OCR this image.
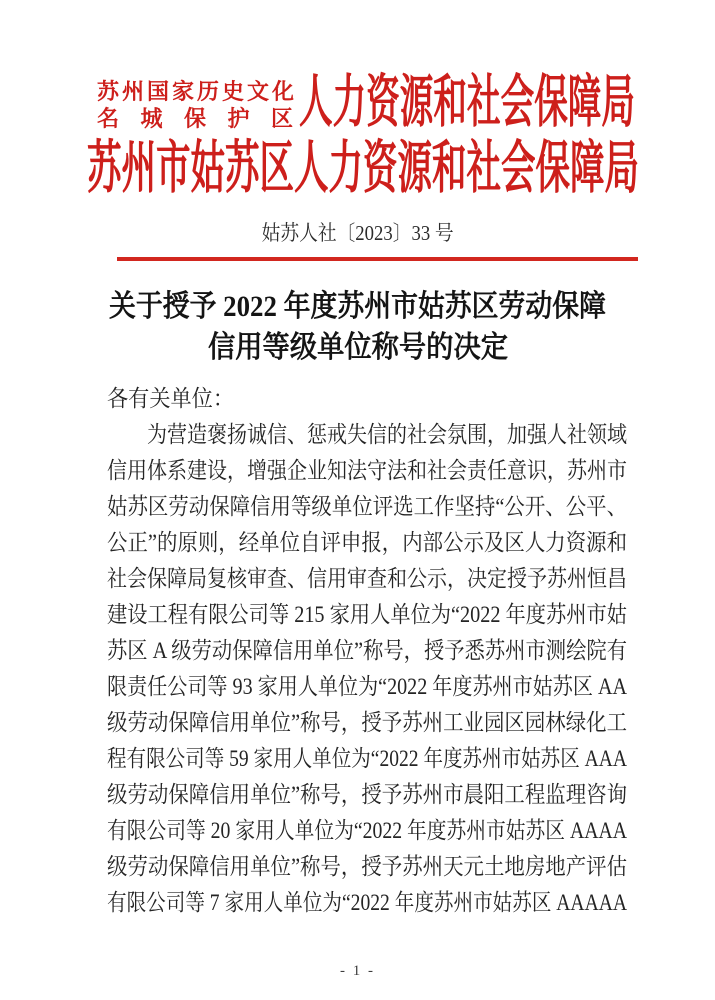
苏州国家历史文化
名城保护区
人力资源和社会保障局
苏州市姑苏区人力资源和社会保障局
姑苏人社〔2023〕33 号
关于授予 2022 年度苏州市姑苏区劳动保障
信用等级单位称号的决定
各有关单位：
　　为营造褒扬诚信、惩戒失信的社会氛围，加强人社领域
信用体系建设，增强企业知法守法和社会责任意识，苏州市
姑苏区劳动保障信用等级单位评选工作坚持“公开、公平、
公正”的原则，经单位自评申报，内部公示及区人力资源和
社会保障局复核审查、信用审查和公示，决定授予苏州恒昌
建设工程有限公司等 215 家用人单位为“2022 年度苏州市姑
苏区 A 级劳动保障信用单位”称号，授予悉苏州市测绘院有
限责任公司等 93 家用人单位为“2022 年度苏州市姑苏区 AA
级劳动保障信用单位”称号，授予苏州工业园区园林绿化工
程有限公司等 59 家用人单位为“2022 年度苏州市姑苏区 AAA
级劳动保障信用单位”称号，授予苏州市晨阳工程监理咨询
有限公司等 20 家用人单位为“2022 年度苏州市姑苏区 AAAA
级劳动保障信用单位”称号，授予苏州天元土地房地产评估
有限公司等 7 家用人单位为“2022 年度苏州市姑苏区 AAAAA
- 1 -
